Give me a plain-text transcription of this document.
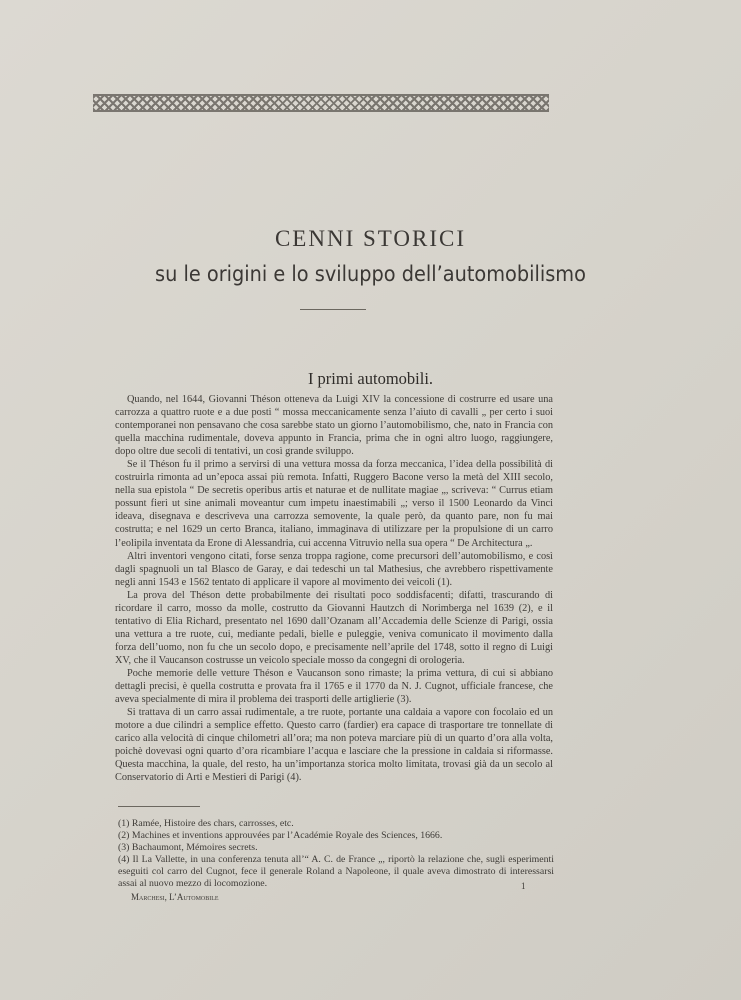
CENNI STORICI
su le origini e lo sviluppo dell’automobilismo
I primi automobili.

Quando, nel 1644, Giovanni Théson otteneva da Luigi XIV la concessione di costrurre ed usare una carrozza a quattro ruote e a due posti “ mossa meccanicamente senza l’aiuto di cavalli „ per certo i suoi contemporanei non pensavano che cosa sarebbe stato un giorno l’automobilismo, che, nato in Francia con quella macchina rudimentale, doveva appunto in Francia, prima che in ogni altro luogo, raggiungere, dopo oltre due secoli di tentativi, un così grande sviluppo.

Se il Théson fu il primo a servirsi di una vettura mossa da forza meccanica, l’idea della possibilità di costruirla rimonta ad un’epoca assai più remota. Infatti, Ruggero Bacone verso la metà del XIII secolo, nella sua epistola “ De secretis operibus artis et naturae et de nullitate magiae „, scriveva: “ Currus etiam possunt fieri ut sine animali moveantur cum impetu inaestimabili „; verso il 1500 Leonardo da Vinci ideava, disegnava e descriveva una carrozza semovente, la quale però, da quanto pare, non fu mai costrutta; e nel 1629 un certo Branca, italiano, immaginava di utilizzare per la propulsione di un carro l’eolipila inventata da Erone di Alessandria, cui accenna Vitruvio nella sua opera “ De Architectura „.

Altri inventori vengono citati, forse senza troppa ragione, come precursori dell’automobilismo, e così dagli spagnuoli un tal Blasco de Garay, e dai tedeschi un tal Mathesius, che avrebbero rispettivamente negli anni 1543 e 1562 tentato di applicare il vapore al movimento dei veicoli (1).

La prova del Théson dette probabilmente dei risultati poco soddisfacenti; difatti, trascurando di ricordare il carro, mosso da molle, costrutto da Giovanni Hautzch di Norimberga nel 1639 (2), e il tentativo di Elia Richard, presentato nel 1690 dall’Ozanam all’Accademia delle Scienze di Parigi, ossia una vettura a tre ruote, cui, mediante pedali, bielle e puleggie, veniva comunicato il movimento dalla forza dell’uomo, non fu che un secolo dopo, e precisamente nell’aprile del 1748, sotto il regno di Luigi XV, che il Vaucanson costrusse un veicolo speciale mosso da congegni di orologeria.

Poche memorie delle vetture Théson e Vaucanson sono rimaste; la prima vettura, di cui si abbiano dettagli precisi, è quella costrutta e provata fra il 1765 e il 1770 da N. J. Cugnot, ufficiale francese, che aveva specialmente di mira il problema dei trasporti delle artiglierie (3).

Si trattava di un carro assai rudimentale, a tre ruote, portante una caldaia a vapore con focolaio ed un motore a due cilindri a semplice effetto. Questo carro (fardier) era capace di trasportare tre tonnellate di carico alla velocità di cinque chilometri all’ora; ma non poteva marciare più di un quarto d’ora alla volta, poichè dovevasi ogni quarto d’ora ricambiare l’acqua e lasciare che la pressione in caldaia si riformasse. Questa macchina, la quale, del resto, ha un’importanza storica molto limitata, trovasi già da un secolo al Conservatorio di Arti e Mestieri di Parigi (4).

(1) Ramée, Histoire des chars, carrosses, etc.
(2) Machines et inventions approuvées par l’Académie Royale des Sciences, 1666.
(3) Bachaumont, Mémoires secrets.
(4) Il La Vallette, in una conferenza tenuta all’“ A. C. de France „, riportò la relazione che, sugli esperimenti eseguiti col carro del Cugnot, fece il generale Roland a Napoleone, il quale aveva dimostrato di interessarsi assai al nuovo mezzo di locomozione.
Marchesi, L’Automobile
1
